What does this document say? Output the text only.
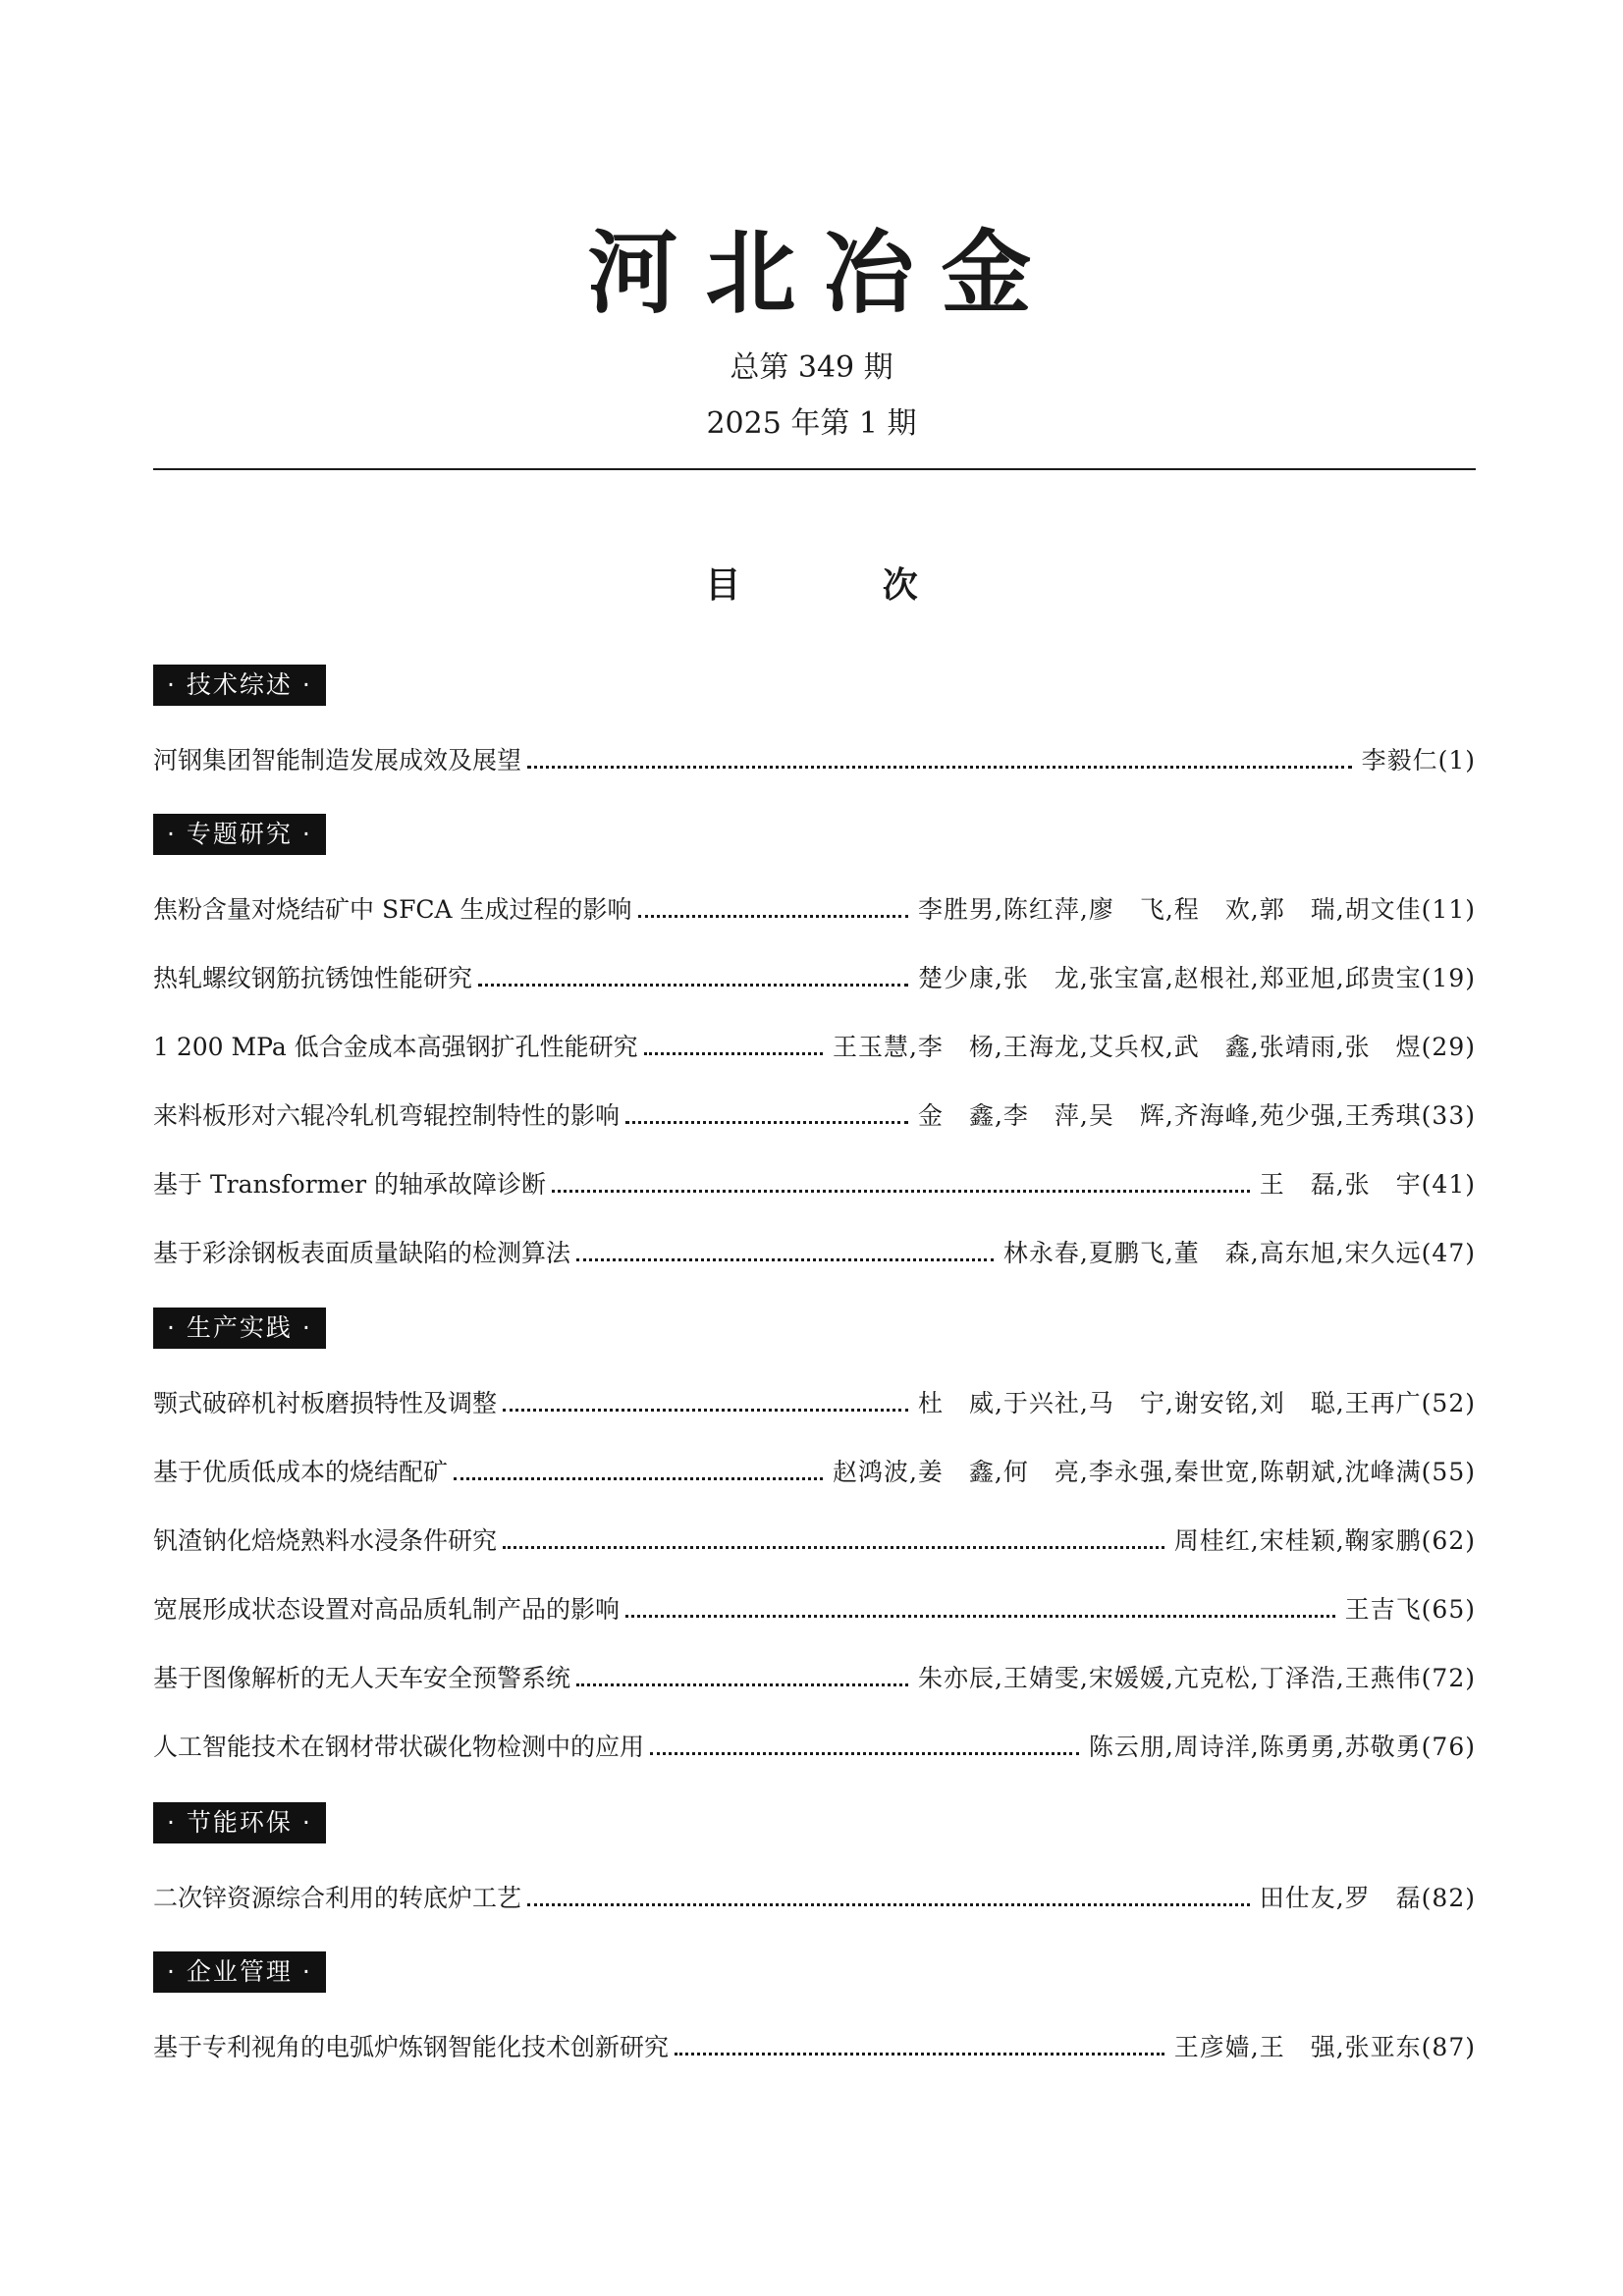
河北冶金
总第 349 期
2025 年第 1 期
目 次
· 技术综述 ·
河钢集团智能制造发展成效及展望	李毅仁(1)
· 专题研究 ·
焦粉含量对烧结矿中 SFCA 生成过程的影响	李胜男,陈红萍,廖　飞,程　欢,郭　瑞,胡文佳(11)
热轧螺纹钢筋抗锈蚀性能研究	楚少康,张　龙,张宝富,赵根社,郑亚旭,邱贵宝(19)
1 200 MPa 低合金成本高强钢扩孔性能研究	王玉慧,李　杨,王海龙,艾兵权,武　鑫,张靖雨,张　煜(29)
来料板形对六辊冷轧机弯辊控制特性的影响	金　鑫,李　萍,吴　辉,齐海峰,苑少强,王秀琪(33)
基于 Transformer 的轴承故障诊断	王　磊,张　宇(41)
基于彩涂钢板表面质量缺陷的检测算法	林永春,夏鹏飞,董　森,高东旭,宋久远(47)
· 生产实践 ·
颚式破碎机衬板磨损特性及调整	杜　威,于兴社,马　宁,谢安铭,刘　聪,王再广(52)
基于优质低成本的烧结配矿	赵鸿波,姜　鑫,何　亮,李永强,秦世宽,陈朝斌,沈峰满(55)
钒渣钠化焙烧熟料水浸条件研究	周桂红,宋桂颖,鞠家鹏(62)
宽展形成状态设置对高品质轧制产品的影响	王吉飞(65)
基于图像解析的无人天车安全预警系统	朱亦辰,王婧雯,宋媛媛,亢克松,丁泽浩,王燕伟(72)
人工智能技术在钢材带状碳化物检测中的应用	陈云朋,周诗洋,陈勇勇,苏敬勇(76)
· 节能环保 ·
二次锌资源综合利用的转底炉工艺	田仕友,罗　磊(82)
· 企业管理 ·
基于专利视角的电弧炉炼钢智能化技术创新研究	王彦嫱,王　强,张亚东(87)
